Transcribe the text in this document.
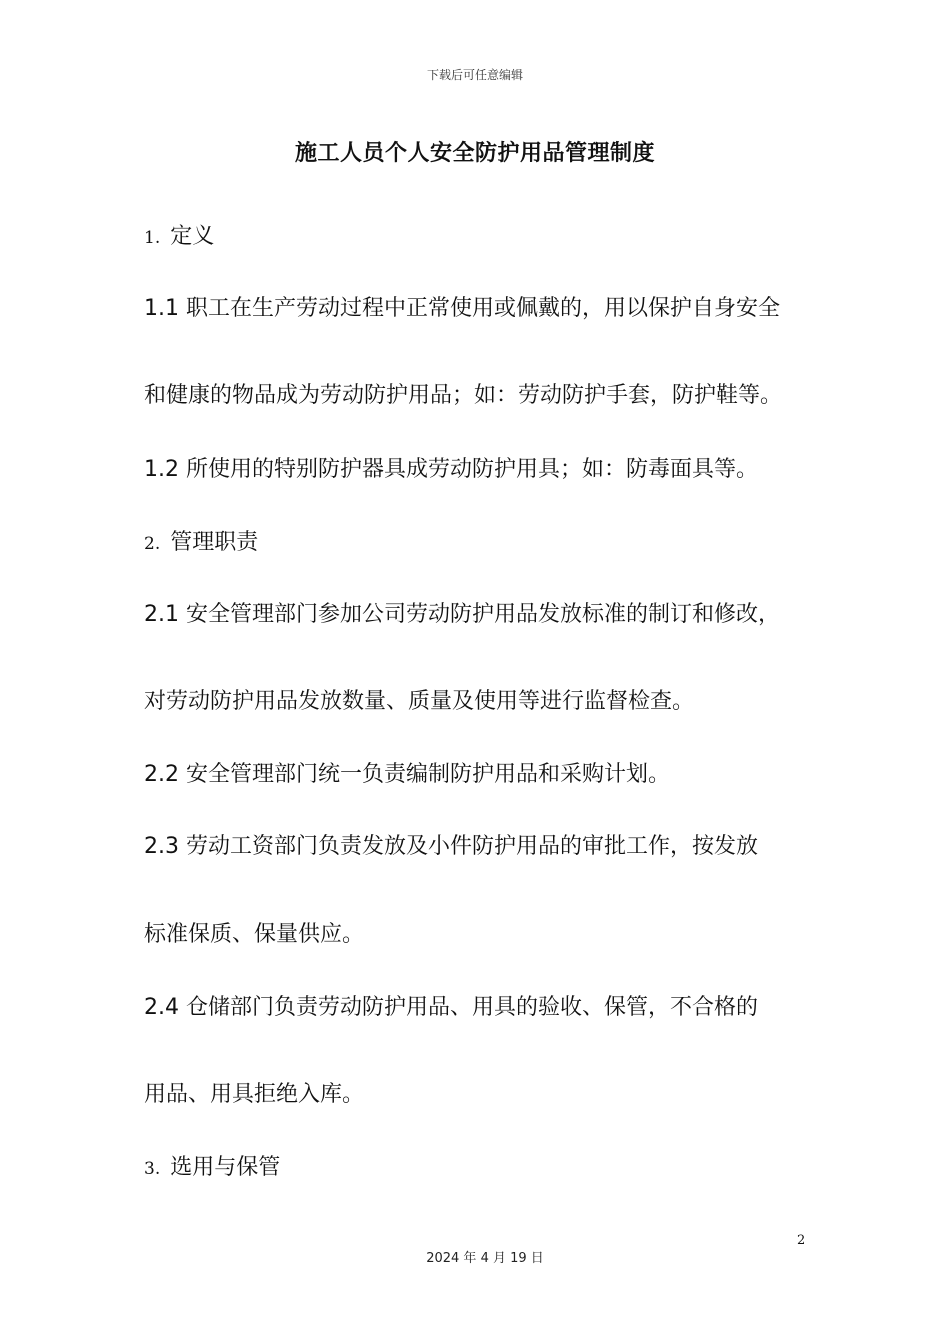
下载后可任意编辑
施工人员个人安全防护用品管理制度
1. 定义
1.1 职工在生产劳动过程中正常使用或佩戴的，用以保护自身安全
和健康的物品成为劳动防护用品；如：劳动防护手套，防护鞋等。
1.2 所使用的特别防护器具成劳动防护用具；如：防毒面具等。
2. 管理职责
2.1 安全管理部门参加公司劳动防护用品发放标准的制订和修改，
对劳动防护用品发放数量、质量及使用等进行监督检查。
2.2 安全管理部门统一负责编制防护用品和采购计划。
2.3 劳动工资部门负责发放及小件防护用品的审批工作，按发放
标准保质、保量供应。
2.4 仓储部门负责劳动防护用品、用具的验收、保管，不合格的
用品、用具拒绝入库。
3. 选用与保管
2
2024 年 4 月 19 日
